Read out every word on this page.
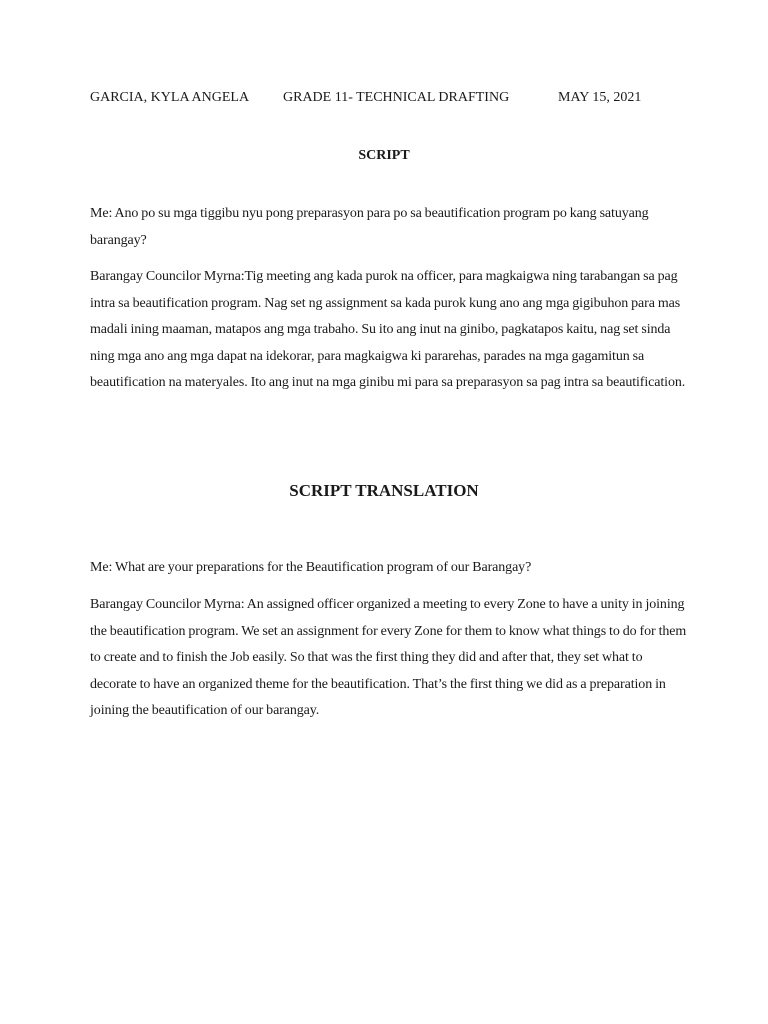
GARCIA, KYLA ANGELA GRADE 11- TECHNICAL DRAFTING	MAY 15, 2021
SCRIPT

Me: Ano po su mga tiggibu nyu pong preparasyon para po sa beautification program po kang satuyang barangay?

Barangay Councilor Myrna:Tig meeting ang kada purok na officer, para magkaigwa ning tarabangan sa pag intra sa beautification program. Nag set ng assignment sa kada purok kung ano ang mga gigibuhon para mas madali ining maaman, matapos ang mga trabaho. Su ito ang inut na ginibo, pagkatapos kaitu, nag set sinda ning mga ano ang mga dapat na idekorar, para magkaigwa ki pararehas, parades na mga gagamitun sa beautification na materyales. Ito ang inut na mga ginibu mi para sa preparasyon sa pag intra sa beautification.

SCRIPT TRANSLATION

Me: What are your preparations for the Beautification program of our Barangay?

Barangay Councilor Myrna: An assigned officer organized a meeting to every Zone to have a unity in joining the beautification program. We set an assignment for every Zone for them to know what things to do for them to create and to finish the Job easily. So that was the first thing they did and after that, they set what to decorate to have an organized theme for the beautification. That’s the first thing we did as a preparation in joining the beautification of our barangay.
